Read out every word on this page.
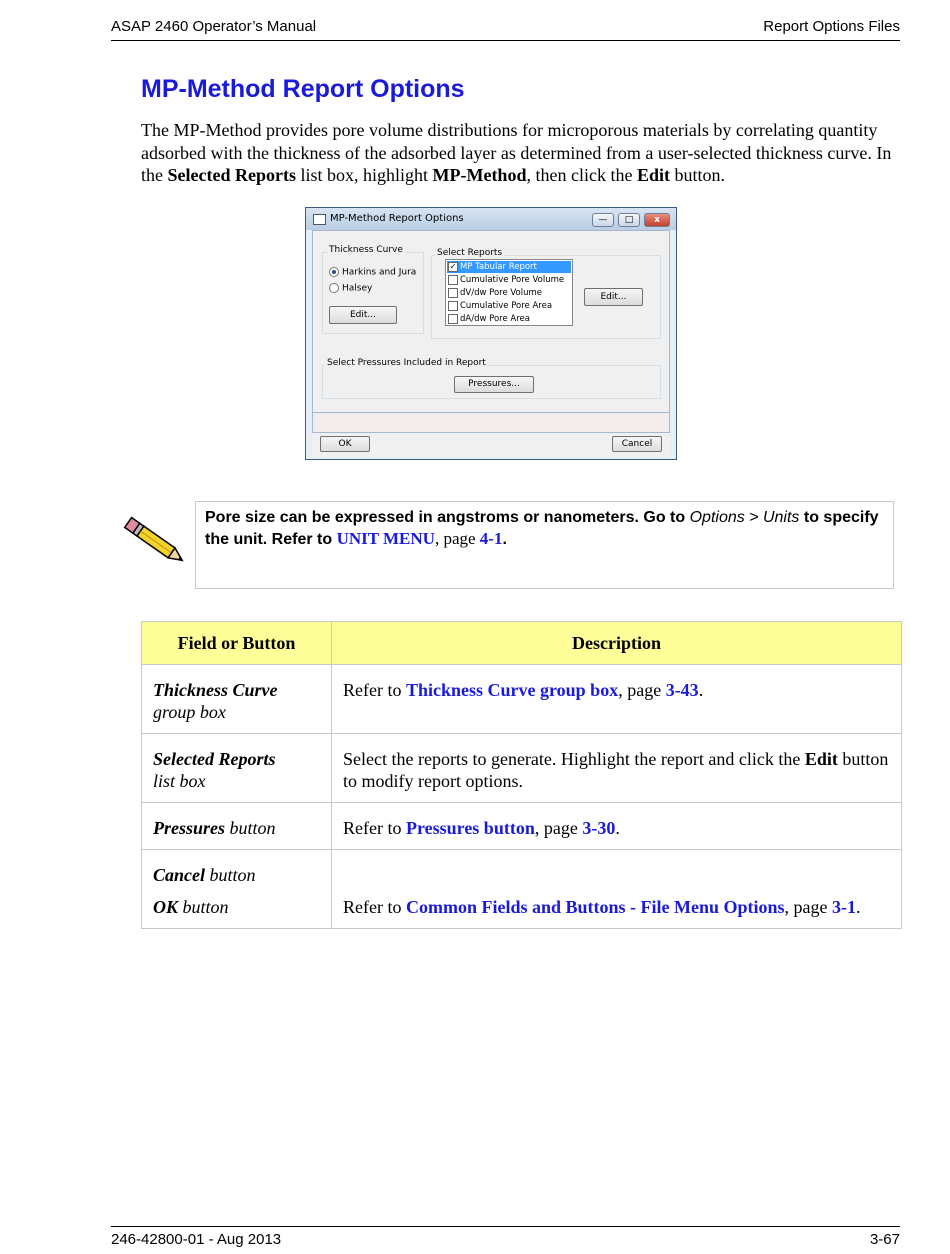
ASAP 2460 Operator’s Manual	Report Options Files
MP-Method Report Options

The MP-Method provides pore volume distributions for microporous materials by correlating quantity adsorbed with the thickness of the adsorbed layer as determined from a user-selected thickness curve. In the Selected Reports list box, highlight MP-Method, then click the Edit button.

MP-Method Report Options	—	□	x
Thickness Curve
Harkins and Jura
Halsey
Edit...
Select Reports
✓ MP Tabular Report
Cumulative Pore Volume
dV/dw Pore Volume
Cumulative Pore Area
dA/dw Pore Area
Edit...
Select Pressures Included in Report
Pressures...
OK	Cancel

Pore size can be expressed in angstroms or nanometers. Go to Options > Units to specify the unit. Refer to UNIT MENU, page 4-1.

Field or Button	Description
Thickness Curve
group box	Refer to Thickness Curve group box, page 3-43.
Selected Reports
list box	Select the reports to generate. Highlight the report and click the Edit button to modify report options.
Pressures button	Refer to Pressures button, page 3-30.

Cancel button
OK button	Refer to Common Fields and Buttons - File Menu Options, page 3-1.
246-42800-01 - Aug 2013	3-67
